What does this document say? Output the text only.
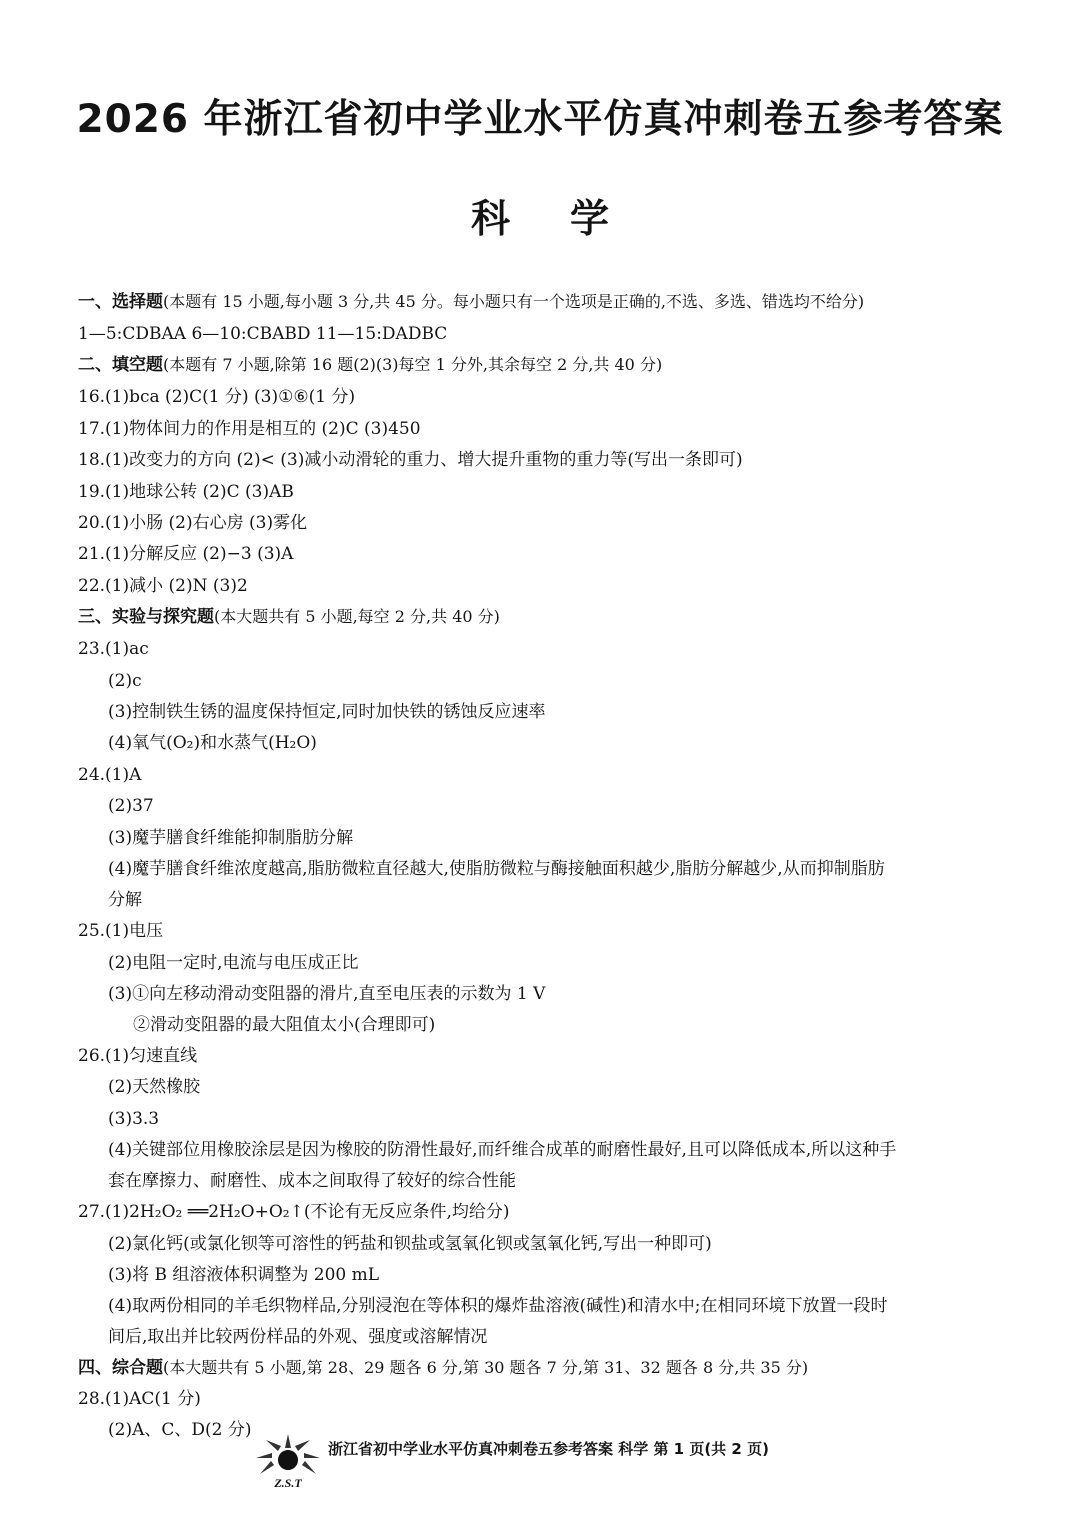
2026 年浙江省初中学业水平仿真冲刺卷五参考答案
科学
一、选择题(本题有 15 小题,每小题 3 分,共 45 分。每小题只有一个选项是正确的,不选、多选、错选均不给分)
1—5:CDBAA 6—10:CBABD 11—15:DADBC
二、填空题(本题有 7 小题,除第 16 题(2)(3)每空 1 分外,其余每空 2 分,共 40 分)
16.(1)bca (2)C(1 分) (3)①⑥(1 分)
17.(1)物体间力的作用是相互的 (2)C (3)450
18.(1)改变力的方向 (2)< (3)减小动滑轮的重力、增大提升重物的重力等(写出一条即可)
19.(1)地球公转 (2)C (3)AB
20.(1)小肠 (2)右心房 (3)雾化
21.(1)分解反应 (2)−3 (3)A
22.(1)减小 (2)N (3)2
三、实验与探究题(本大题共有 5 小题,每空 2 分,共 40 分)
23.(1)ac
(2)c
(3)控制铁生锈的温度保持恒定,同时加快铁的锈蚀反应速率
(4)氧气(O₂)和水蒸气(H₂O)
24.(1)A
(2)37
(3)魔芋膳食纤维能抑制脂肪分解
(4)魔芋膳食纤维浓度越高,脂肪微粒直径越大,使脂肪微粒与酶接触面积越少,脂肪分解越少,从而抑制脂肪
分解
25.(1)电压
(2)电阻一定时,电流与电压成正比
(3)①向左移动滑动变阻器的滑片,直至电压表的示数为 1 V
②滑动变阻器的最大阻值太小(合理即可)
26.(1)匀速直线
(2)天然橡胶
(3)3.3
(4)关键部位用橡胶涂层是因为橡胶的防滑性最好,而纤维合成革的耐磨性最好,且可以降低成本,所以这种手
套在摩擦力、耐磨性、成本之间取得了较好的综合性能
27.(1)2H₂O₂ ══2H₂O+O₂↑(不论有无反应条件,均给分)
(2)氯化钙(或氯化钡等可溶性的钙盐和钡盐或氢氧化钡或氢氧化钙,写出一种即可)
(3)将 B 组溶液体积调整为 200 mL
(4)取两份相同的羊毛织物样品,分别浸泡在等体积的爆炸盐溶液(碱性)和清水中;在相同环境下放置一段时
间后,取出并比较两份样品的外观、强度或溶解情况
四、综合题(本大题共有 5 小题,第 28、29 题各 6 分,第 30 题各 7 分,第 31、32 题各 8 分,共 35 分)
28.(1)AC(1 分)
(2)A、C、D(2 分)
Z.S.T
浙江省初中学业水平仿真冲刺卷五参考答案 科学 第 1 页(共 2 页)
